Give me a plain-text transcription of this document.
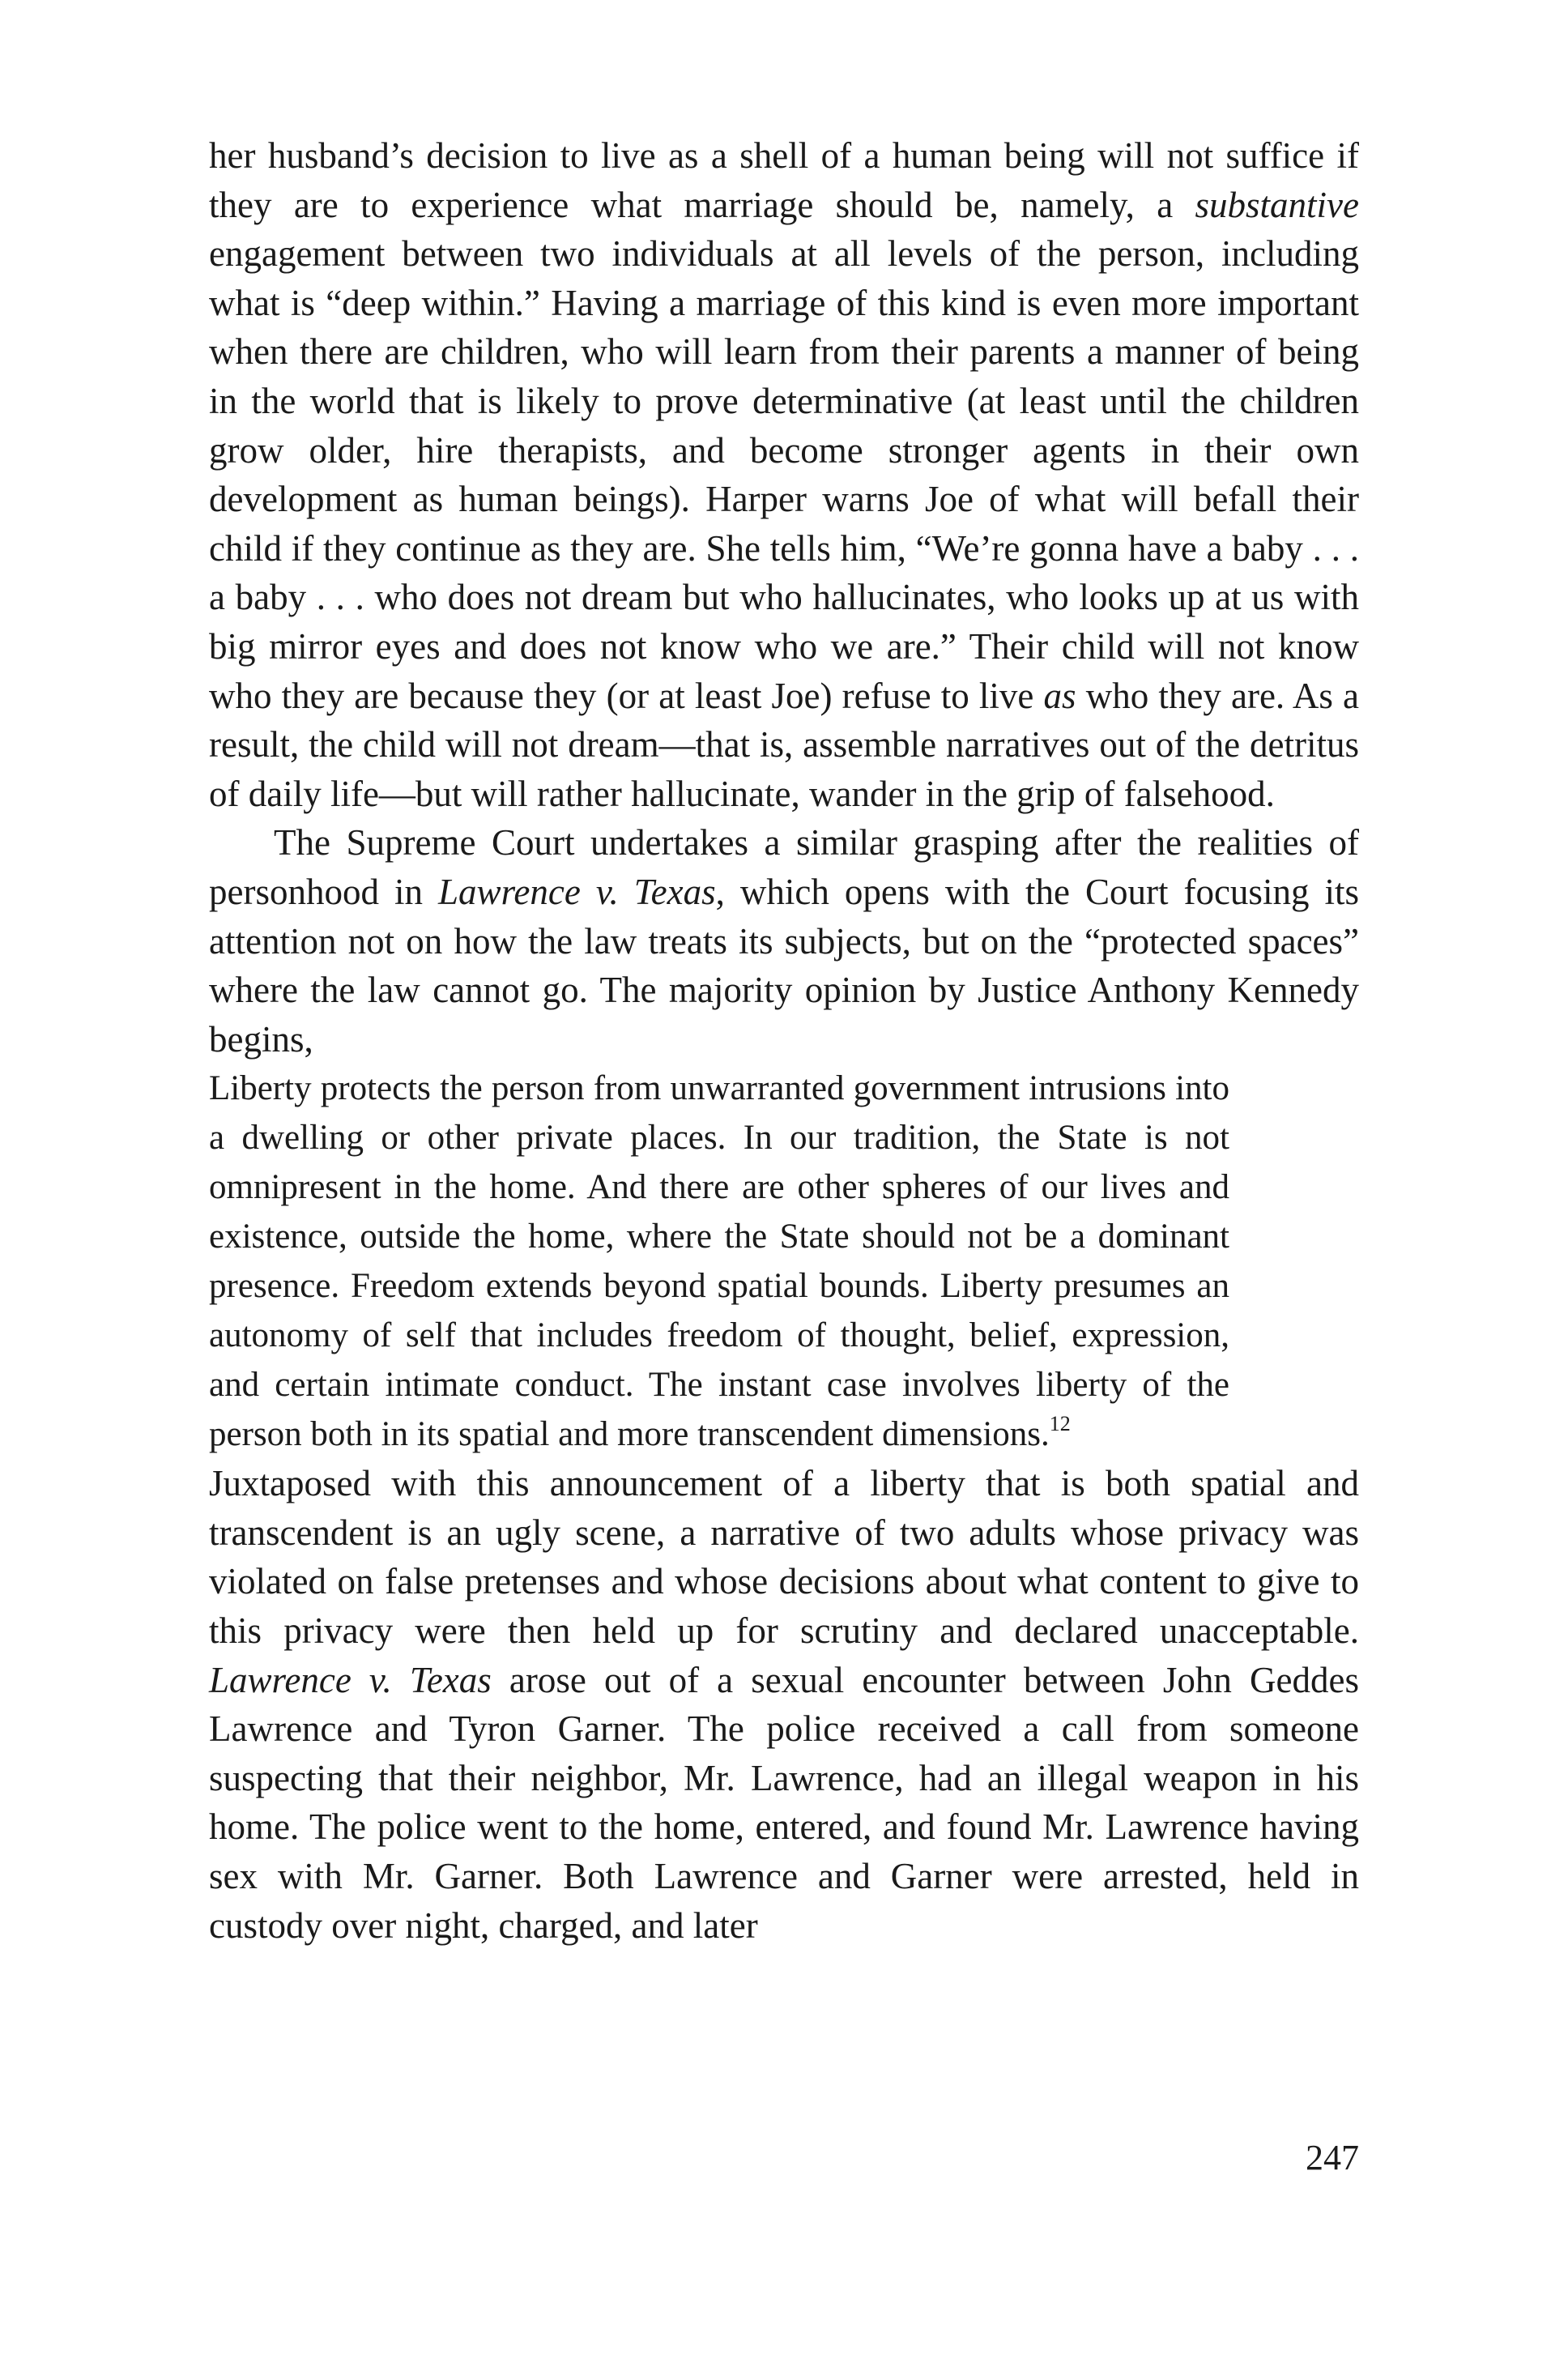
her husband’s decision to live as a shell of a human being will not suffice if they are to experience what marriage should be, namely, a substantive engagement between two individuals at all levels of the person, including what is “deep within.” Having a marriage of this kind is even more important when there are children, who will learn from their parents a manner of being in the world that is likely to prove determinative (at least until the children grow older, hire therapists, and become stronger agents in their own development as human beings). Harper warns Joe of what will befall their child if they continue as they are. She tells him, “We’re gonna have a baby . . . a baby . . . who does not dream but who hallucinates, who looks up at us with big mirror eyes and does not know who we are.” Their child will not know who they are because they (or at least Joe) refuse to live as who they are. As a result, the child will not dream—that is, assemble narratives out of the detritus of daily life—but will rather hallucinate, wander in the grip of falsehood.

The Supreme Court undertakes a similar grasping after the realities of personhood in Lawrence v. Texas, which opens with the Court focusing its attention not on how the law treats its subjects, but on the “protected spaces” where the law cannot go. The majority opinion by Justice Anthony Kennedy begins,

Liberty protects the person from unwarranted government intrusions into a dwelling or other private places. In our tradition, the State is not omnipresent in the home. And there are other spheres of our lives and existence, outside the home, where the State should not be a dominant presence. Freedom extends beyond spatial bounds. Liberty presumes an autonomy of self that includes freedom of thought, belief, expression, and certain intimate conduct. The instant case involves liberty of the person both in its spatial and more transcendent dimensions.$^{12}$

Juxtaposed with this announcement of a liberty that is both spatial and transcendent is an ugly scene, a narrative of two adults whose privacy was violated on false pretenses and whose decisions about what content to give to this privacy were then held up for scrutiny and declared unacceptable. Lawrence v. Texas arose out of a sexual encounter between John Geddes Lawrence and Tyron Garner. The police received a call from someone suspecting that their neighbor, Mr. Lawrence, had an illegal weapon in his home. The police went to the home, entered, and found Mr. Lawrence having sex with Mr. Garner. Both Lawrence and Garner were arrested, held in custody over night, charged, and later

247
